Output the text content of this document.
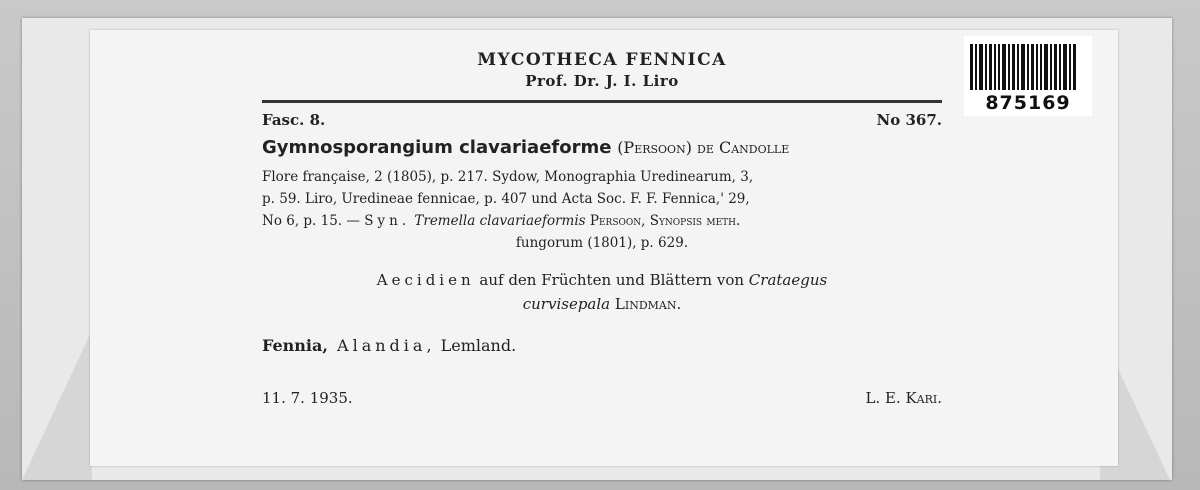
MYCOTHECA FENNICA
Prof. Dr. J. I. Liro
Fasc. 8.	No 367.
Gymnosporangium clavariaeforme (Persoon) de Candolle
Flore française, 2 (1805), p. 217. Sydow, Monographia Uredinearum, 3,
p. 59. Liro, Uredineae fennicae, p. 407 und Acta Soc. F. F. Fennica,' 29,
No 6, p. 15. — Syn. Tremella clavariaeformis Persoon, Synopsis meth.
fungorum (1801), p. 629.
Aecidien auf den Früchten und Blättern von Crataegus
curvisepala Lindman.
Fennia, Alandia, Lemland.
11. 7. 1935.	L. E. Kari.
875169
